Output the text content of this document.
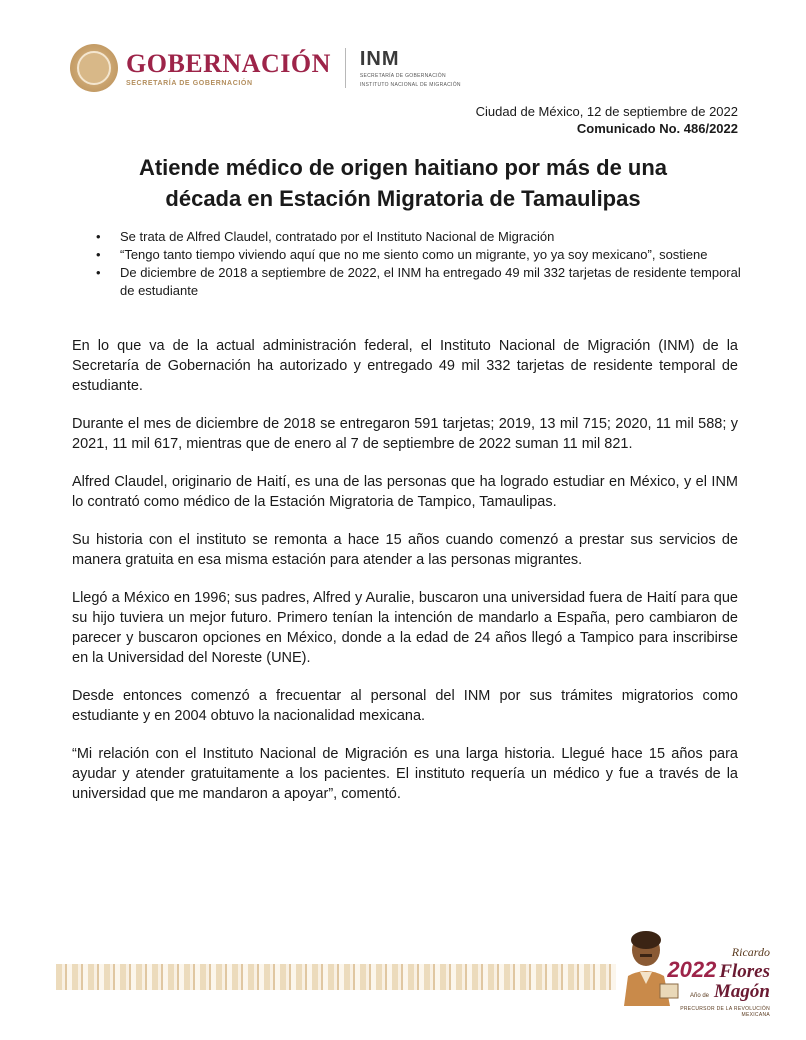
GOBERNACIÓN
SECRETARÍA DE GOBERNACIÓN
INM
SECRETARÍA DE GOBERNACIÓN
INSTITUTO NACIONAL DE MIGRACIÓN
Ciudad de México, 12 de septiembre de 2022
Comunicado No. 486/2022
Atiende médico de origen haitiano por más de una
década en Estación Migratoria de Tamaulipas
• Se trata de Alfred Claudel, contratado por el Instituto Nacional de Migración
• “Tengo tanto tiempo viviendo aquí que no me siento como un migrante, yo ya soy mexicano”, sostiene
• De diciembre de 2018 a septiembre de 2022, el INM ha entregado 49 mil 332 tarjetas de residente temporal de estudiante

En lo que va de la actual administración federal, el Instituto Nacional de Migración (INM) de la Secretaría de Gobernación ha autorizado y entregado 49 mil 332 tarjetas de residente temporal de estudiante.

Durante el mes de diciembre de 2018 se entregaron 591 tarjetas; 2019, 13 mil 715; 2020, 11 mil 588; y 2021, 11 mil 617, mientras que de enero al 7 de septiembre de 2022 suman 11 mil 821.

Alfred Claudel, originario de Haití, es una de las personas que ha logrado estudiar en México, y el INM lo contrató como médico de la Estación Migratoria de Tampico, Tamaulipas.

Su historia con el instituto se remonta a hace 15 años cuando comenzó a prestar sus servicios de manera gratuita en esa misma estación para atender a las personas migrantes.

Llegó a México en 1996; sus padres, Alfred y Auralie, buscaron una universidad fuera de Haití para que su hijo tuviera un mejor futuro. Primero tenían la intención de mandarlo a España, pero cambiaron de parecer y buscaron opciones en México, donde a la edad de 24 años llegó a Tampico para inscribirse en la Universidad del Noreste (UNE).

Desde entonces comenzó a frecuentar al personal del INM por sus trámites migratorios como estudiante y en 2004 obtuvo la nacionalidad mexicana.

“Mi relación con el Instituto Nacional de Migración es una larga historia. Llegué hace 15 años para ayudar y atender gratuitamente a los pacientes. El instituto requería un médico y fue a través de la universidad que me mandaron a apoyar”, comentó.

Ricardo
2022 Flores
Año de Magón
PRECURSOR DE LA REVOLUCIÓN MEXICANA
